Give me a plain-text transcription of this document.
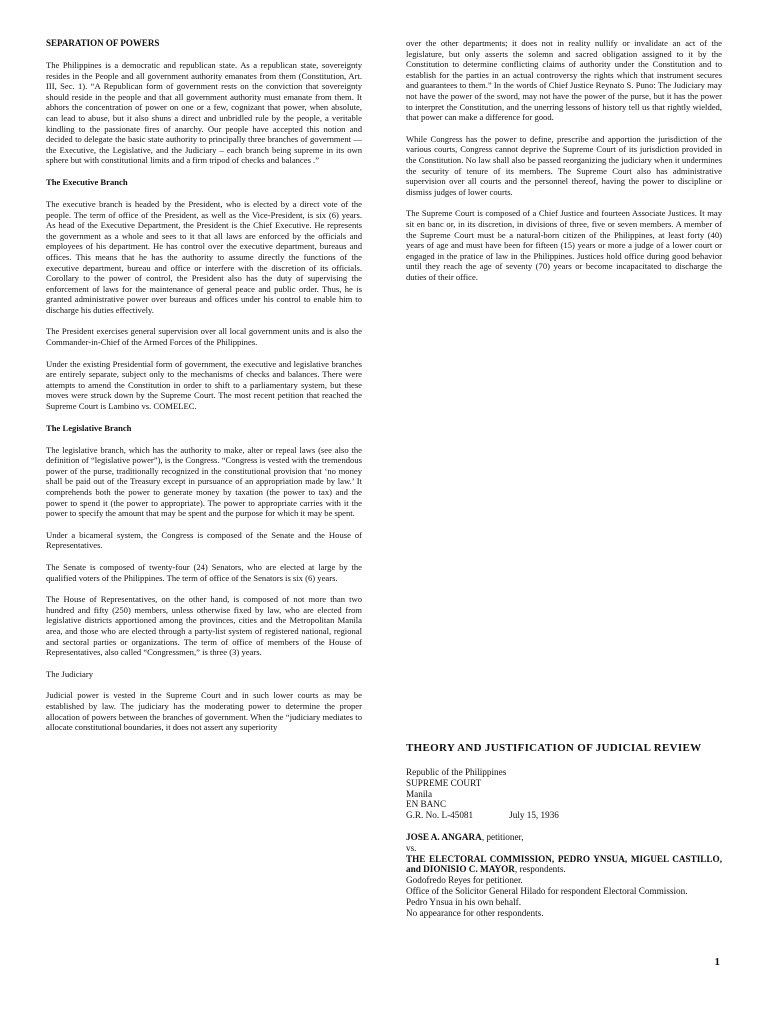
SEPARATION OF POWERS

The Philippines is a democratic and republican state. As a republican state, sovereignty resides in the People and all government authority emanates from them (Constitution, Art. III, Sec. 1). “A Republican form of government rests on the conviction that sovereignty should reside in the people and that all government authority must emanate from them. It abhors the concentration of power on one or a few, cognizant that power, when absolute, can lead to abuse, but it also shuns a direct and unbridled rule by the people, a veritable kindling to the passionate fires of anarchy. Our people have accepted this notion and decided to delegate the basic state authority to principally three branches of government — the Executive, the Legislative, and the Judiciary – each branch being supreme in its own sphere but with constitutional limits and a firm tripod of checks and balances .”

The Executive Branch

The executive branch is headed by the President, who is elected by a direct vote of the people. The term of office of the President, as well as the Vice-President, is six (6) years. As head of the Executive Department, the President is the Chief Executive. He represents the government as a whole and sees to it that all laws are enforced by the officials and employees of his department. He has control over the executive department, bureaus and offices. This means that he has the authority to assume directly the functions of the executive department, bureau and office or interfere with the discretion of its officials. Corollary to the power of control, the President also has the duty of supervising the enforcement of laws for the maintenance of general peace and public order. Thus, he is granted administrative power over bureaus and offices under his control to enable him to discharge his duties effectively.

The President exercises general supervision over all local government units and is also the Commander-in-Chief of the Armed Forces of the Philippines.

Under the existing Presidential form of government, the executive and legislative branches are entirely separate, subject only to the mechanisms of checks and balances. There were attempts to amend the Constitution in order to shift to a parliamentary system, but these moves were struck down by the Supreme Court. The most recent petition that reached the Supreme Court is Lambino vs. COMELEC.

The Legislative Branch

The legislative branch, which has the authority to make, alter or repeal laws (see also the definition of “legislative power”), is the Congress. “Congress is vested with the tremendous power of the purse, traditionally recognized in the constitutional provision that ‘no money shall be paid out of the Treasury except in pursuance of an appropriation made by law.’ It comprehends both the power to generate money by taxation (the power to tax) and the power to spend it (the power to appropriate). The power to appropriate carries with it the power to specify the amount that may be spent and the purpose for which it may be spent.

Under a bicameral system, the Congress is composed of the Senate and the House of Representatives.

The Senate is composed of twenty-four (24) Senators, who are elected at large by the qualified voters of the Philippines. The term of office of the Senators is six (6) years.

The House of Representatives, on the other hand, is composed of not more than two hundred and fifty (250) members, unless otherwise fixed by law, who are elected from legislative districts apportioned among the provinces, cities and the Metropolitan Manila area, and those who are elected through a party-list system of registered national, regional and sectoral parties or organizations. The term of office of members of the House of Representatives, also called “Congressmen,” is three (3) years.

The Judiciary

Judicial power is vested in the Supreme Court and in such lower courts as may be established by law. The judiciary has the moderating power to determine the proper allocation of powers between the branches of government. When the “judiciary mediates to allocate constitutional boundaries, it does not assert any superiority

over the other departments; it does not in reality nullify or invalidate an act of the legislature, but only asserts the solemn and sacred obligation assigned to it by the Constitution to determine conflicting claims of authority under the Constitution and to establish for the parties in an actual controversy the rights which that instrument secures and guarantees to them.” In the words of Chief Justice Reynato S. Puno: The Judiciary may not have the power of the sword, may not have the power of the purse, but it has the power to interpret the Constitution, and the unerring lessons of history tell us that rightly wielded, that power can make a difference for good.

While Congress has the power to define, prescribe and apportion the jurisdiction of the various courts, Congress cannot deprive the Supreme Court of its jurisdiction provided in the Constitution. No law shall also be passed reorganizing the judiciary when it undermines the security of tenure of its members. The Supreme Court also has administrative supervision over all courts and the personnel thereof, having the power to discipline or dismiss judges of lower courts.

The Supreme Court is composed of a Chief Justice and fourteen Associate Justices. It may sit en banc or, in its discretion, in divisions of three, five or seven members. A member of the Supreme Court must be a natural-born citizen of the Philippines, at least forty (40) years of age and must have been for fifteen (15) years or more a judge of a lower court or engaged in the pratice of law in the Philippines. Justices hold office during good behavior until they reach the age of seventy (70) years or become incapacitated to discharge the duties of their office.

THEORY AND JUSTIFICATION OF JUDICIAL REVIEW
Republic of the Philippines
SUPREME COURT
Manila
EN BANC
G.R. No. L-45081	July 15, 1936
JOSE A. ANGARA, petitioner,
vs.
THE ELECTORAL COMMISSION, PEDRO YNSUA, MIGUEL CASTILLO, and DIONISIO C. MAYOR, respondents.
Godofredo Reyes for petitioner.
Office of the Solicitor General Hilado for respondent Electoral Commission.
Pedro Ynsua in his own behalf.
No appearance for other respondents.
1
